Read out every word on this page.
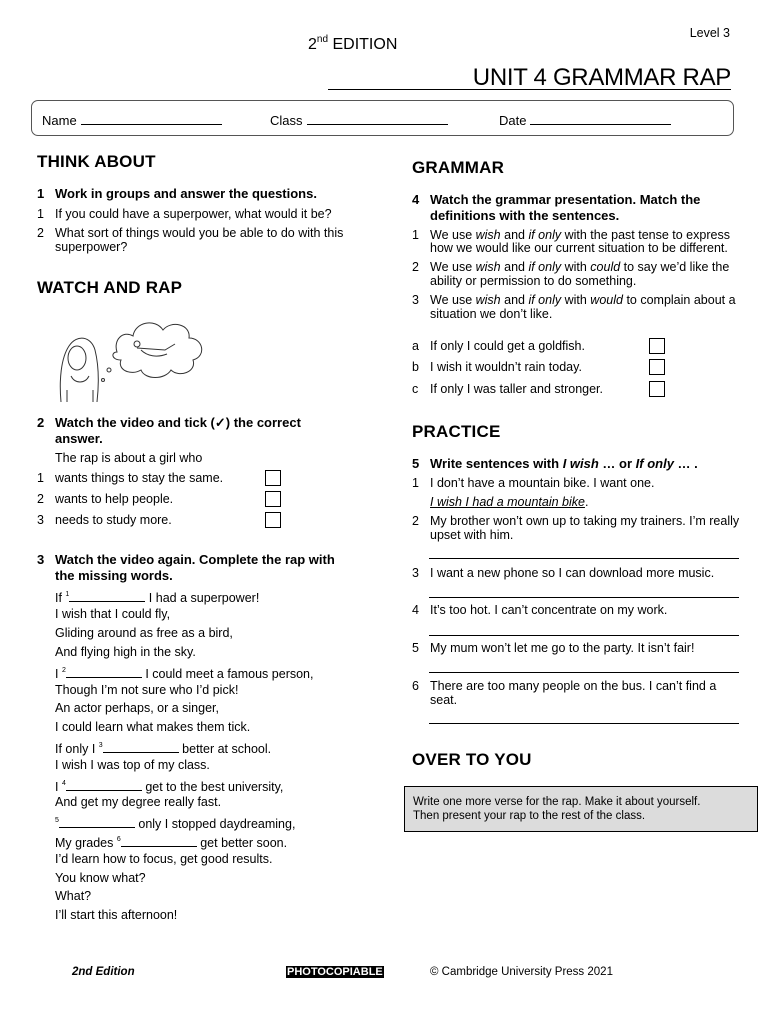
2nd EDITION
Level 3
UNIT 4 GRAMMAR RAP
Name	Class	Date
THINK ABOUT
1 Work in groups and answer the questions.
1 If you could have a superpower, what would it be?
2 What sort of things would you be able to do with this
superpower?
WATCH AND RAP
2 Watch the video and tick (✓) the correct
answer.
The rap is about a girl who
1 wants things to stay the same.
2 wants to help people.
3 needs to study more.
3 Watch the video again. Complete the rap with
the missing words.
If $^1$	I had a superpower!
I wish that I could fly,
Gliding around as free as a bird,
And flying high in the sky.
I $^2$	I could meet a famous person,
Though I’m not sure who I’d pick!
An actor perhaps, or a singer,
I could learn what makes them tick.
If only I $^3$	better at school.
I wish I was top of my class.
I $^4$	get to the best university,
And get my degree really fast.
$^5$	only I stopped daydreaming,
My grades $^6$	get better soon.
I’d learn how to focus, get good results.
You know what?
What?
I’ll start this afternoon!
GRAMMAR
4 Watch the grammar presentation. Match the
definitions with the sentences.
1 We use wish and if only with the past tense to express
how we would like our current situation to be different.
2 We use wish and if only with could to say we’d like the
ability or permission to do something.
3 We use wish and if only with would to complain about a
situation we don’t like.
a If only I could get a goldfish.
b I wish it wouldn’t rain today.
c If only I was taller and stronger.
PRACTICE
5 Write sentences with I wish … or If only … .
1 I don’t have a mountain bike. I want one.
I wish I had a mountain bike.
2 My brother won’t own up to taking my trainers. I’m really
upset with him.
3 I want a new phone so I can download more music.
4 It’s too hot. I can’t concentrate on my work.
5 My mum won’t let me go to the party. It isn’t fair!
6 There are too many people on the bus. I can’t find a
seat.
OVER TO YOU
Write one more verse for the rap. Make it about yourself.
Then present your rap to the rest of the class.
2nd Edition	PHOTOCOPIABLE	© Cambridge University Press 2021
